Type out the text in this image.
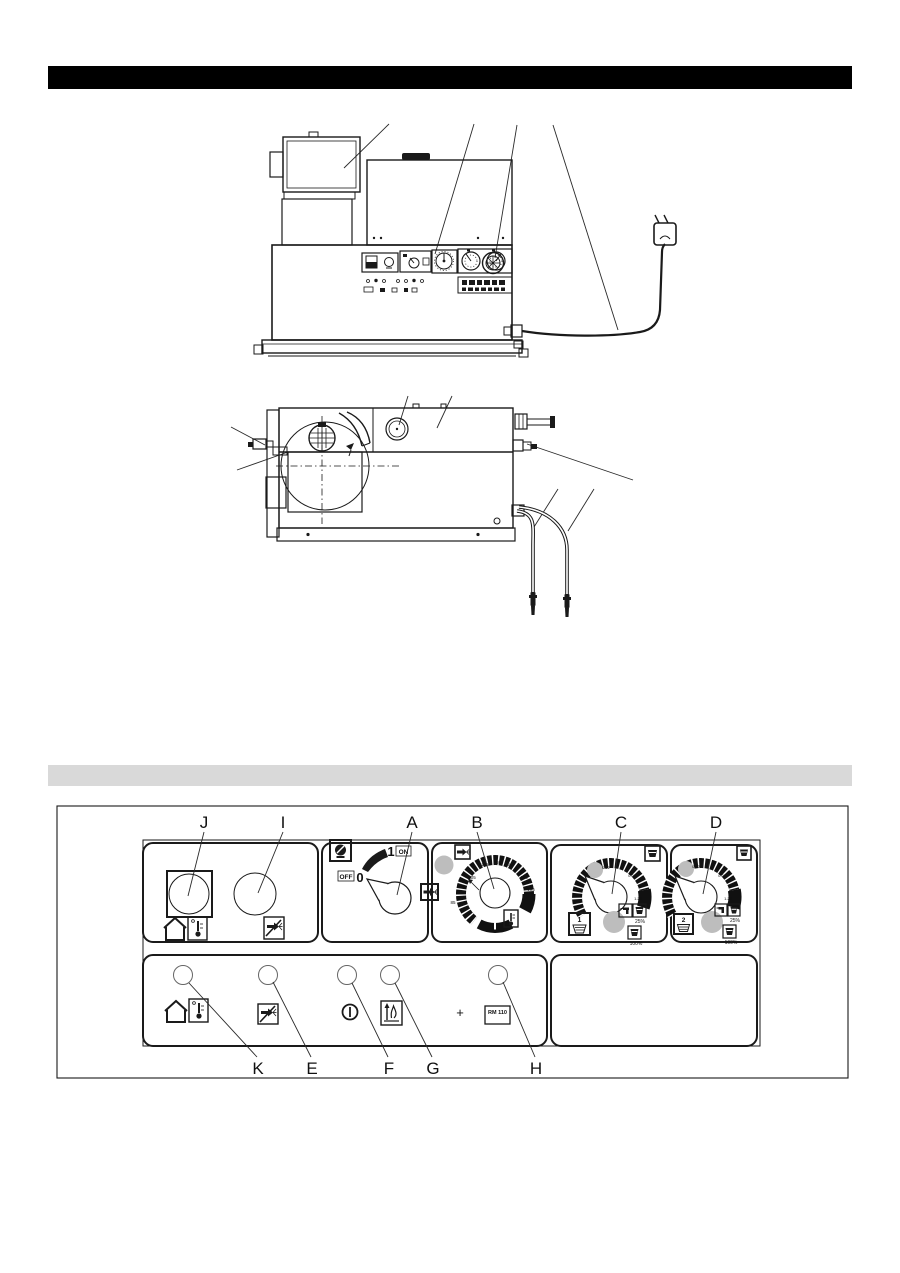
OFF 0
1 ON
85
105
125 140 150
170
195
0.12
0.25
1.25
1	25%
100%
0.12
0.25
1.25
2	25%
100%
+	RM 110
J	I	A	B	C	D
K	E	F G	H
